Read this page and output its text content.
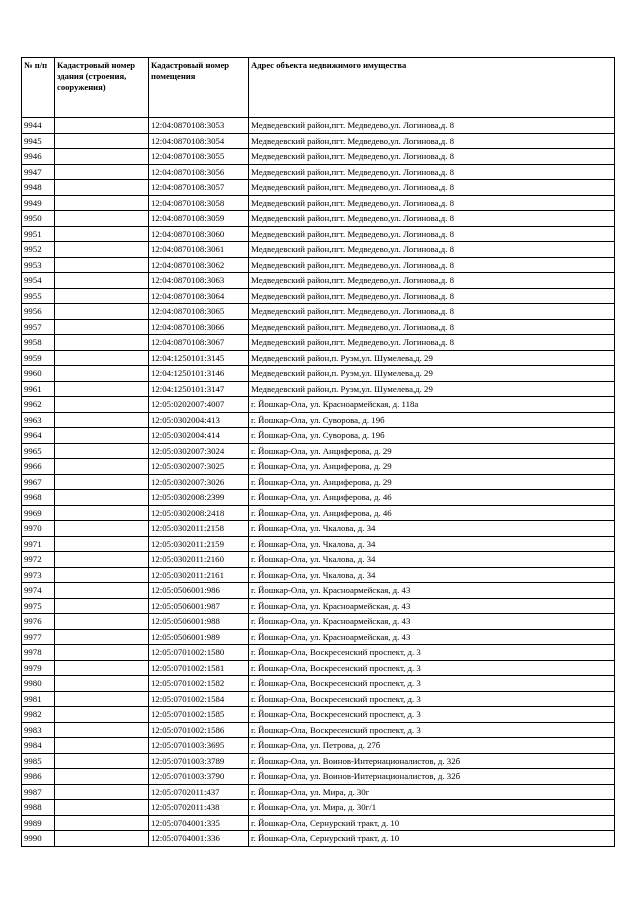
№ п/п	Кадастровый номер здания (строения, сооружения)	Кадастровый номер помещения	Адрес объекта недвижимого имущества
9944		12:04:0870108:3053	Медведевский район,пгт. Медведево,ул. Логинова,д. 8
9945		12:04:0870108:3054	Медведевский район,пгт. Медведево,ул. Логинова,д. 8
9946		12:04:0870108:3055	Медведевский район,пгт. Медведево,ул. Логинова,д. 8
9947		12:04:0870108:3056	Медведевский район,пгт. Медведево,ул. Логинова,д. 8
9948		12:04:0870108:3057	Медведевский район,пгт. Медведево,ул. Логинова,д. 8
9949		12:04:0870108:3058	Медведевский район,пгт. Медведево,ул. Логинова,д. 8
9950		12:04:0870108:3059	Медведевский район,пгт. Медведево,ул. Логинова,д. 8
9951		12:04:0870108:3060	Медведевский район,пгт. Медведево,ул. Логинова,д. 8
9952		12:04:0870108:3061	Медведевский район,пгт. Медведево,ул. Логинова,д. 8
9953		12:04:0870108:3062	Медведевский район,пгт. Медведево,ул. Логинова,д. 8
9954		12:04:0870108:3063	Медведевский район,пгт. Медведево,ул. Логинова,д. 8
9955		12:04:0870108:3064	Медведевский район,пгт. Медведево,ул. Логинова,д. 8
9956		12:04:0870108:3065	Медведевский район,пгт. Медведево,ул. Логинова,д. 8
9957		12:04:0870108:3066	Медведевский район,пгт. Медведево,ул. Логинова,д. 8
9958		12:04:0870108:3067	Медведевский район,пгт. Медведево,ул. Логинова,д. 8
9959		12:04:1250101:3145	Медведевский район,п. Руэм,ул. Шумелева,д. 29
9960		12:04:1250101:3146	Медведевский район,п. Руэм,ул. Шумелева,д. 29
9961		12:04:1250101:3147	Медведевский район,п. Руэм,ул. Шумелева,д. 29
9962		12:05:0202007:4007	г. Йошкар-Ола, ул. Красноармейская, д. 118а
9963		12:05:0302004:413	г. Йошкар-Ола, ул. Суворова, д. 19б
9964		12:05:0302004:414	г. Йошкар-Ола, ул. Суворова, д. 19б
9965		12:05:0302007:3024	г. Йошкар-Ола, ул. Анциферова, д. 29
9966		12:05:0302007:3025	г. Йошкар-Ола, ул. Анциферова, д. 29
9967		12:05:0302007:3026	г. Йошкар-Ола, ул. Анциферова, д. 29
9968		12:05:0302008:2399	г. Йошкар-Ола, ул. Анциферова, д. 46
9969		12:05:0302008:2418	г. Йошкар-Ола, ул. Анциферова, д. 46
9970		12:05:0302011:2158	г. Йошкар-Ола, ул. Чкалова, д. 34
9971		12:05:0302011:2159	г. Йошкар-Ола, ул. Чкалова, д. 34
9972		12:05:0302011:2160	г. Йошкар-Ола, ул. Чкалова, д. 34
9973		12:05:0302011:2161	г. Йошкар-Ола, ул. Чкалова, д. 34
9974		12:05:0506001:986	г. Йошкар-Ола, ул. Красноармейская, д. 43
9975		12:05:0506001:987	г. Йошкар-Ола, ул. Красноармейская, д. 43
9976		12:05:0506001:988	г. Йошкар-Ола, ул. Красноармейская, д. 43
9977		12:05:0506001:989	г. Йошкар-Ола, ул. Красноармейская, д. 43
9978		12:05:0701002:1580	г. Йошкар-Ола, Воскресенский проспект, д. 3
9979		12:05:0701002:1581	г. Йошкар-Ола, Воскресенский проспект, д. 3
9980		12:05:0701002:1582	г. Йошкар-Ола, Воскресенский проспект, д. 3
9981		12:05:0701002:1584	г. Йошкар-Ола, Воскресенский проспект, д. 3
9982		12:05:0701002:1585	г. Йошкар-Ола, Воскресенский проспект, д. 3
9983		12:05:0701002:1586	г. Йошкар-Ола, Воскресенский проспект, д. 3
9984		12:05:0701003:3695	г. Йошкар-Ола, ул. Петрова, д. 27б
9985		12:05:0701003:3789	г. Йошкар-Ола, ул. Воинов-Интернационалистов, д. 32б
9986		12:05:0701003:3790	г. Йошкар-Ола, ул. Воинов-Интернационалистов, д. 32б
9987		12:05:0702011:437	г. Йошкар-Ола, ул. Мира, д. 30г
9988		12:05:0702011:438	г. Йошкар-Ола, ул. Мира, д. 30г/1
9989		12:05:0704001:335	г. Йошкар-Ола, Сернурский тракт, д. 10
9990		12:05:0704001:336	г. Йошкар-Ола, Сернурский тракт, д. 10
